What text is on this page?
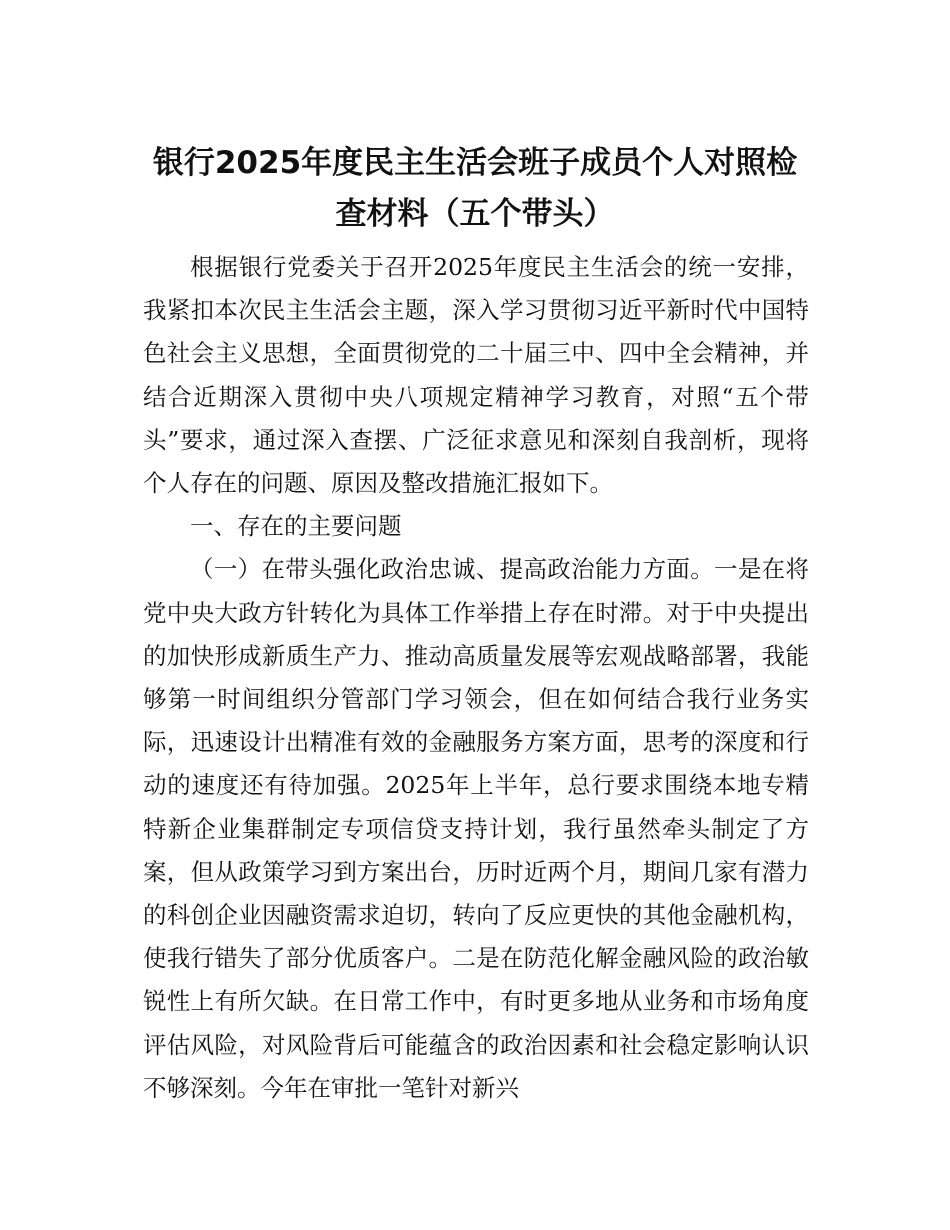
银行2025年度民主生活会班子成员个人对照检查材料（五个带头）

根据银行党委关于召开2025年度民主生活会的统一安排，我紧扣本次民主生活会主题，深入学习贯彻习近平新时代中国特色社会主义思想，全面贯彻党的二十届三中、四中全会精神，并结合近期深入贯彻中央八项规定精神学习教育，对照“五个带头”要求，通过深入查摆、广泛征求意见和深刻自我剖析，现将个人存在的问题、原因及整改措施汇报如下。

一、存在的主要问题

（一）在带头强化政治忠诚、提高政治能力方面。一是在将党中央大政方针转化为具体工作举措上存在时滞。对于中央提出的加快形成新质生产力、推动高质量发展等宏观战略部署，我能够第一时间组织分管部门学习领会，但在如何结合我行业务实际，迅速设计出精准有效的金融服务方案方面，思考的深度和行动的速度还有待加强。2025年上半年，总行要求围绕本地专精特新企业集群制定专项信贷支持计划，我行虽然牵头制定了方案，但从政策学习到方案出台，历时近两个月，期间几家有潜力的科创企业因融资需求迫切，转向了反应更快的其他金融机构，使我行错失了部分优质客户。二是在防范化解金融风险的政治敏锐性上有所欠缺。在日常工作中，有时更多地从业务和市场角度评估风险，对风险背后可能蕴含的政治因素和社会稳定影响认识不够深刻。今年在审批一笔针对新兴
